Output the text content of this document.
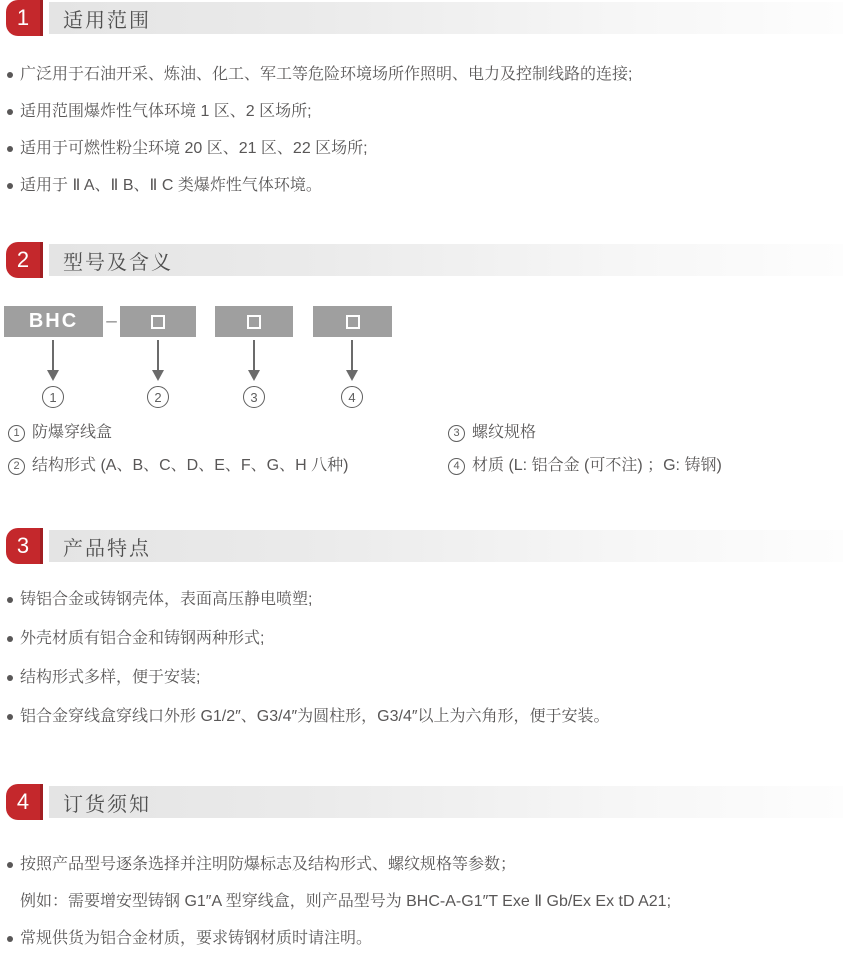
1	适用范围
广泛用于石油开采、炼油、化工、军工等危险环境场所作照明、电力及控制线路的连接;
适用范围爆炸性气体环境 1 区、2 区场所;
适用于可燃性粉尘环境 20 区、21 区、22 区场所;
适用于 Ⅱ A、Ⅱ B、Ⅱ C 类爆炸性气体环境。
2	型号及含义
BHC –
1	2	3	4
1 防爆穿线盒
2 结构形式 (A、B、C、D、E、F、G、H 八种)
3 螺纹规格
4 材质 (L: 铝合金 (可不注) ；G: 铸钢)
3	产品特点
铸铝合金或铸钢壳体，表面高压静电喷塑;
外壳材质有铝合金和铸钢两种形式;
结构形式多样，便于安装;
铝合金穿线盒穿线口外形 G1/2″、G3/4″为圆柱形，G3/4″以上为六角形，便于安装。
4	订货须知
按照产品型号逐条选择并注明防爆标志及结构形式、螺纹规格等参数；
例如：需要增安型铸钢 G1″A 型穿线盒，则产品型号为 BHC-A-G1″T Exe Ⅱ Gb/Ex Ex tD A21;
常规供货为铝合金材质，要求铸钢材质时请注明。
